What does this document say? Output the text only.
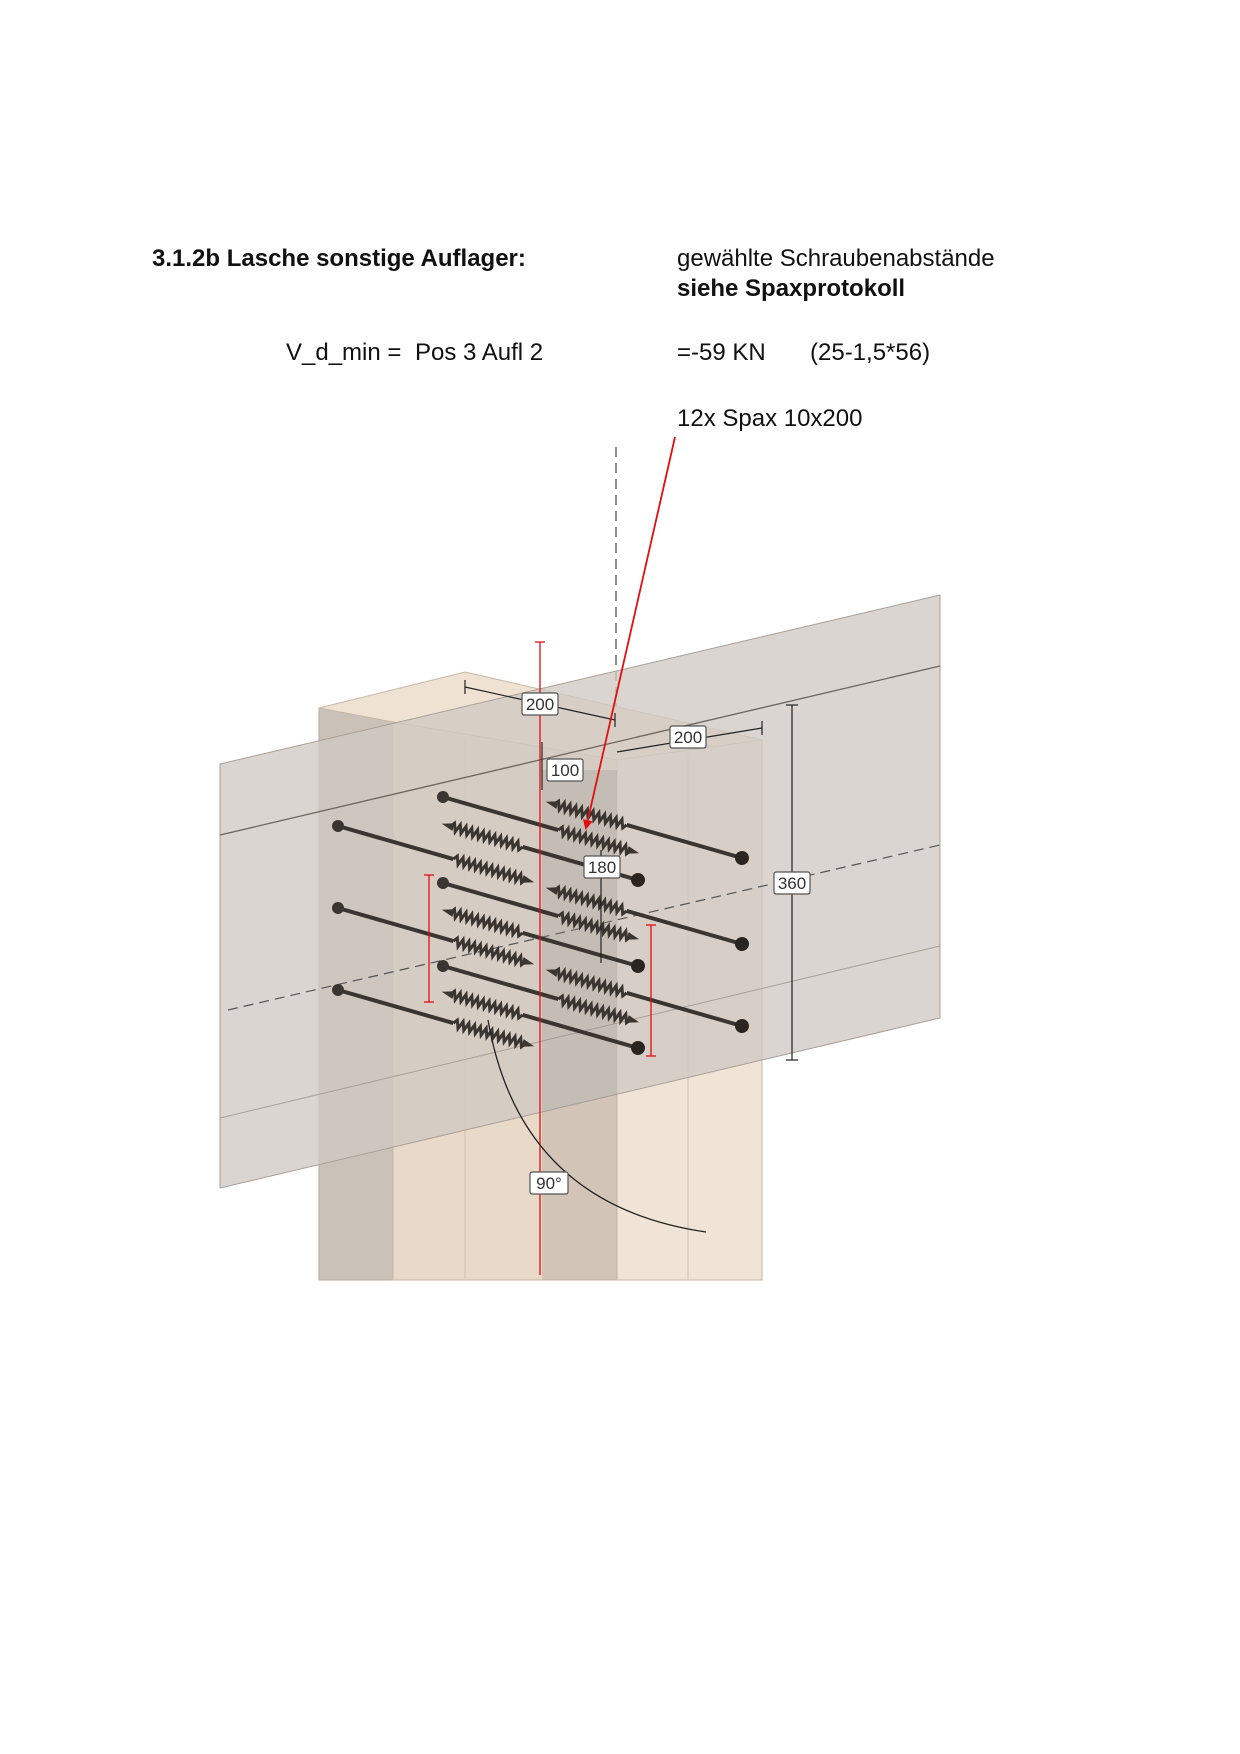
3.1.2b Lasche sonstige Auflager:	gewählte Schraubenabstände
siehe Spaxprotokoll
V_d_min = Pos 3 Aufl 2	=-59 KN (25-1,5*56)
12x Spax 10x200
200
200
100
180
360
90°
